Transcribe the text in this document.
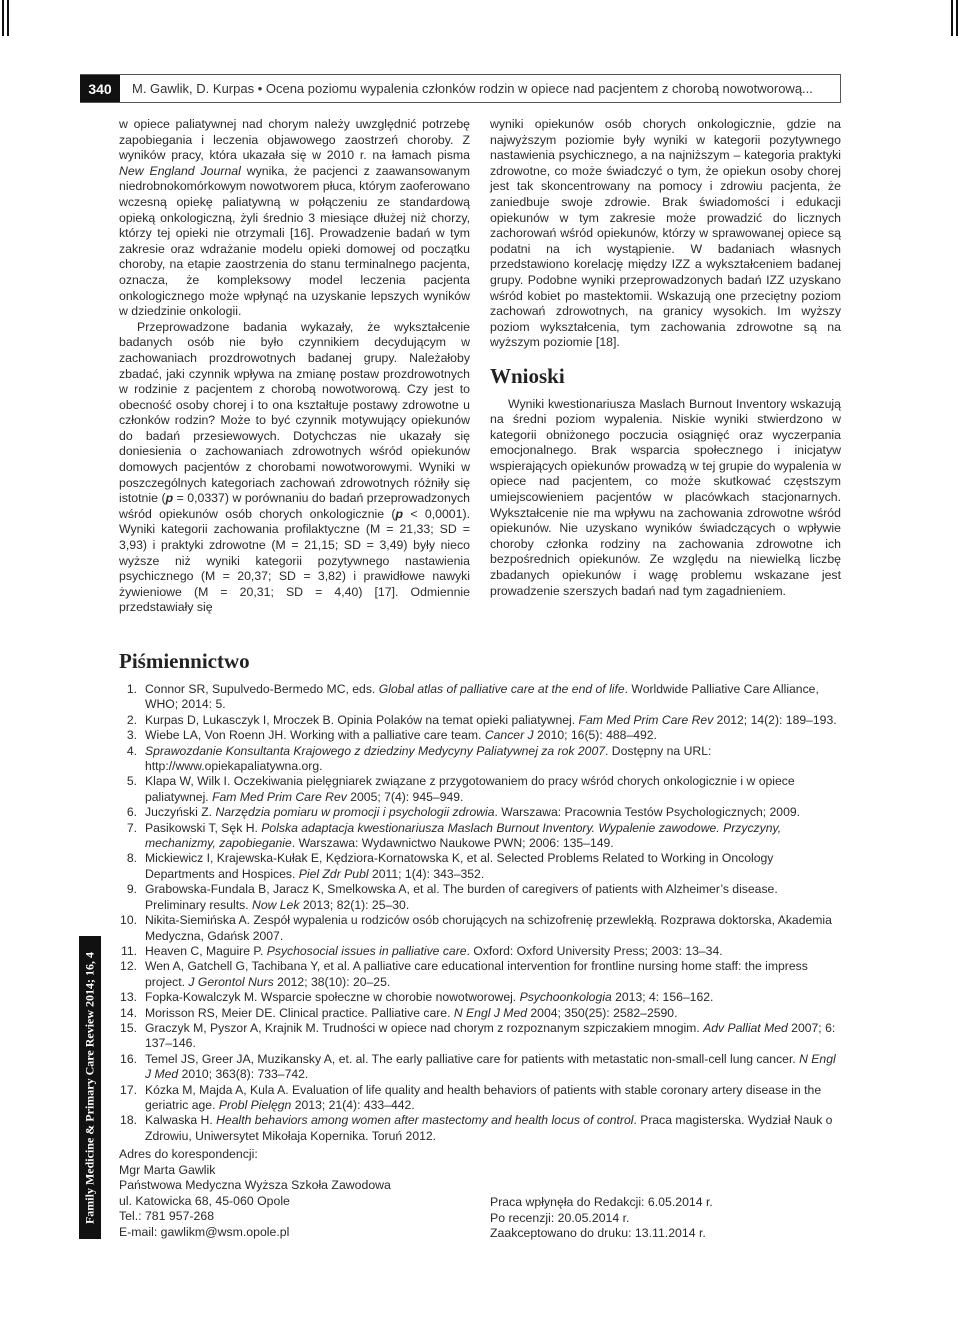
340	M. Gawlik, D. Kurpas • Ocena poziomu wypalenia członków rodzin w opiece nad pacjentem z chorobą nowotworową...

w opiece paliatywnej nad chorym należy uwzględnić potrzebę zapobiegania i leczenia objawowego zaostrzeń choroby. Z wyników pracy, która ukazała się w 2010 r. na łamach pisma New England Journal wynika, że pacjenci z zaawansowanym niedrobnokomórkowym nowotworem płuca, którym zaoferowano wczesną opiekę paliatywną w połączeniu ze standardową opieką onkologiczną, żyli średnio 3 miesiące dłużej niż chorzy, którzy tej opieki nie otrzymali [16]. Prowadzenie badań w tym zakresie oraz wdrażanie modelu opieki domowej od początku choroby, na etapie zaostrzenia do stanu terminalnego pacjenta, oznacza, że kompleksowy model leczenia pacjenta onkologicznego może wpłynąć na uzyskanie lepszych wyników w dziedzinie onkologii.

Przeprowadzone badania wykazały, że wykształcenie badanych osób nie było czynnikiem decydującym w zachowaniach prozdrowotnych badanej grupy. Należałoby zbadać, jaki czynnik wpływa na zmianę postaw prozdrowotnych w rodzinie z pacjentem z chorobą nowotworową. Czy jest to obecność osoby chorej i to ona kształtuje postawy zdrowotne u członków rodzin? Może to być czynnik motywujący opiekunów do badań przesiewowych. Dotychczas nie ukazały się doniesienia o zachowaniach zdrowotnych wśród opiekunów domowych pacjentów z chorobami nowotworowymi. Wyniki w poszczególnych kategoriach zachowań zdrowotnych różniły się istotnie (p = 0,0337) w porównaniu do badań przeprowadzonych wśród opiekunów osób chorych onkologicznie (p < 0,0001). Wyniki kategorii zachowania profilaktyczne (M = 21,33; SD = 3,93) i praktyki zdrowotne (M = 21,15; SD = 3,49) były nieco wyższe niż wyniki kategorii pozytywnego nastawienia psychicznego (M = 20,37; SD = 3,82) i prawidłowe nawyki żywieniowe (M = 20,31; SD = 4,40) [17]. Odmiennie przedstawiały się

wyniki opiekunów osób chorych onkologicznie, gdzie na najwyższym poziomie były wyniki w kategorii pozytywnego nastawienia psychicznego, a na najniższym – kategoria praktyki zdrowotne, co może świadczyć o tym, że opiekun osoby chorej jest tak skoncentrowany na pomocy i zdrowiu pacjenta, że zaniedbuje swoje zdrowie. Brak świadomości i edukacji opiekunów w tym zakresie może prowadzić do licznych zachorowań wśród opiekunów, którzy w sprawowanej opiece są podatni na ich wystąpienie. W badaniach własnych przedstawiono korelację między IZZ a wykształceniem badanej grupy. Podobne wyniki przeprowadzonych badań IZZ uzyskano wśród kobiet po mastektomii. Wskazują one przeciętny poziom zachowań zdrowotnych, na granicy wysokich. Im wyższy poziom wykształcenia, tym zachowania zdrowotne są na wyższym poziomie [18].

Wnioski

Wyniki kwestionariusza Maslach Burnout Inventory wskazują na średni poziom wypalenia. Niskie wyniki stwierdzono w kategorii obniżonego poczucia osiągnięć oraz wyczerpania emocjonalnego. Brak wsparcia społecznego i inicjatyw wspierających opiekunów prowadzą w tej grupie do wypalenia w opiece nad pacjentem, co może skutkować częstszym umiejscowieniem pacjentów w placówkach stacjonarnych. Wykształcenie nie ma wpływu na zachowania zdrowotne wśród opiekunów. Nie uzyskano wyników świadczących o wpływie choroby członka rodziny na zachowania zdrowotne ich bezpośrednich opiekunów. Ze względu na niewielką liczbę zbadanych opiekunów i wagę problemu wskazane jest prowadzenie szerszych badań nad tym zagadnieniem.

Piśmiennictwo
1. Connor SR, Supulvedo-Bermedo MC, eds. Global atlas of palliative care at the end of life. Worldwide Palliative Care Alliance, WHO; 2014: 5.
2. Kurpas D, Lukasczyk I, Mroczek B. Opinia Polaków na temat opieki paliatywnej. Fam Med Prim Care Rev 2012; 14(2): 189–193.
3. Wiebe LA, Von Roenn JH. Working with a palliative care team. Cancer J 2010; 16(5): 488–492.
4. Sprawozdanie Konsultanta Krajowego z dziedziny Medycyny Paliatywnej za rok 2007. Dostępny na URL: http://www.opiekapaliatywna.org.
5. Klapa W, Wilk I. Oczekiwania pielęgniarek związane z przygotowaniem do pracy wśród chorych onkologicznie i w opiece paliatywnej. Fam Med Prim Care Rev 2005; 7(4): 945–949.
6. Juczyński Z. Narzędzia pomiaru w promocji i psychologii zdrowia. Warszawa: Pracownia Testów Psychologicznych; 2009.
7. Pasikowski T, Sęk H. Polska adaptacja kwestionariusza Maslach Burnout Inventory. Wypalenie zawodowe. Przyczyny, mechanizmy, zapobieganie. Warszawa: Wydawnictwo Naukowe PWN; 2006: 135–149.
8. Mickiewicz I, Krajewska-Kułak E, Kędziora-Kornatowska K, et al. Selected Problems Related to Working in Oncology Departments and Hospices. Piel Zdr Publ 2011; 1(4): 343–352.
9. Grabowska-Fundala B, Jaracz K, Smelkowska A, et al. The burden of caregivers of patients with Alzheimer’s disease. Preliminary results. Now Lek 2013; 82(1): 25–30.
10. Nikita-Siemińska A. Zespół wypalenia u rodziców osób chorujących na schizofrenię przewlekłą. Rozprawa doktorska, Akademia Medyczna, Gdańsk 2007.
11. Heaven C, Maguire P. Psychosocial issues in palliative care. Oxford: Oxford University Press; 2003: 13–34.
12. Wen A, Gatchell G, Tachibana Y, et al. A palliative care educational intervention for frontline nursing home staff: the impress project. J Gerontol Nurs 2012; 38(10): 20–25.
13. Fopka-Kowalczyk M. Wsparcie społeczne w chorobie nowotworowej. Psychoonkologia 2013; 4: 156–162.
14. Morisson RS, Meier DE. Clinical practice. Palliative care. N Engl J Med 2004; 350(25): 2582–2590.
15. Graczyk M, Pyszor A, Krajnik M. Trudności w opiece nad chorym z rozpoznanym szpiczakiem mnogim. Adv Palliat Med 2007; 6: 137–146.
16. Temel JS, Greer JA, Muzikansky A, et. al. The early palliative care for patients with metastatic non-small-cell lung cancer. N Engl J Med 2010; 363(8): 733–742.
17. Kózka M, Majda A, Kula A. Evaluation of life quality and health behaviors of patients with stable coronary artery disease in the geriatric age. Probl Pielęgn 2013; 21(4): 433–442.
18. Kalwaska H. Health behaviors among women after mastectomy and health locus of control. Praca magisterska. Wydział Nauk o Zdrowiu, Uniwersytet Mikołaja Kopernika. Toruń 2012.
Adres do korespondencji:
Mgr Marta Gawlik
Państwowa Medyczna Wyższa Szkoła Zawodowa
ul. Katowicka 68, 45-060 Opole
Tel.: 781 957-268
E-mail: gawlikm@wsm.opole.pl
Praca wpłynęła do Redakcji: 6.05.2014 r.
Po recenzji: 20.05.2014 r.
Zaakceptowano do druku: 13.11.2014 r.
Family Medicine & Primary Care Review 2014; 16, 4
